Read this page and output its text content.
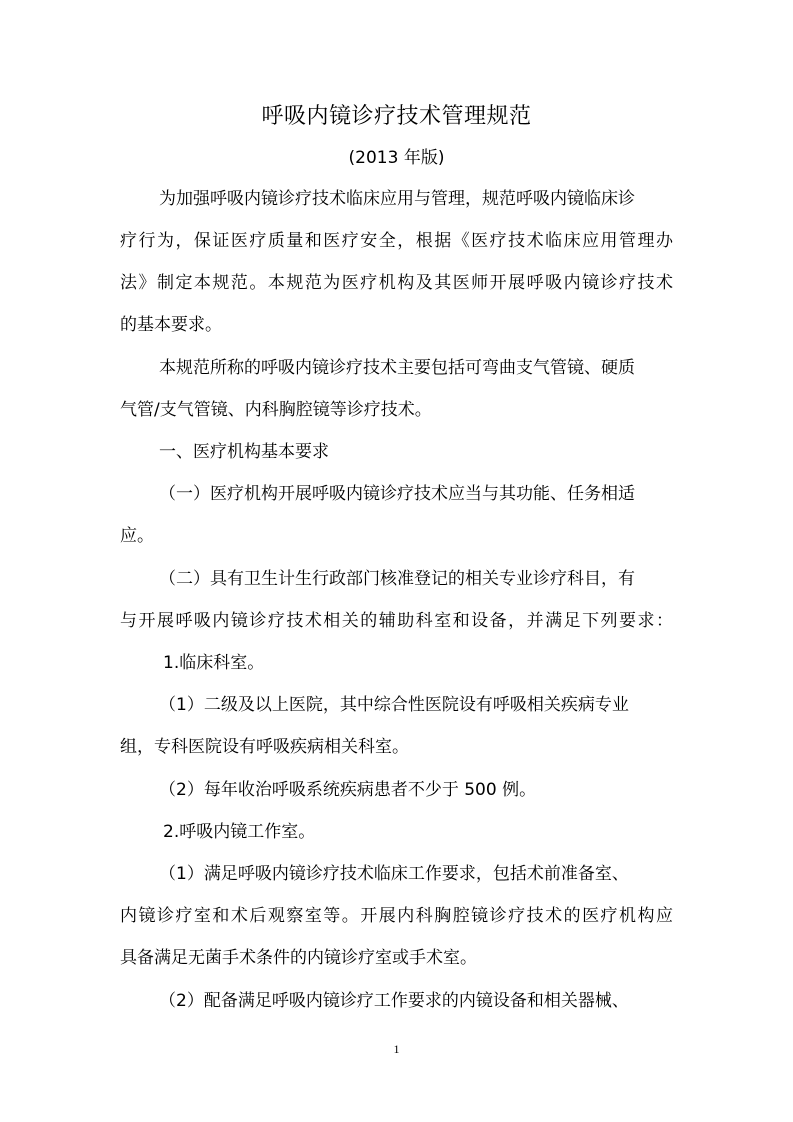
呼吸内镜诊疗技术管理规范
(2013 年版)
为加强呼吸内镜诊疗技术临床应用与管理，规范呼吸内镜临床诊
疗行为，保证医疗质量和医疗安全，根据《医疗技术临床应用管理办
法》制定本规范。本规范为医疗机构及其医师开展呼吸内镜诊疗技术
的基本要求。
本规范所称的呼吸内镜诊疗技术主要包括可弯曲支气管镜、硬质
气管/支气管镜、内科胸腔镜等诊疗技术。
一、医疗机构基本要求
（一）医疗机构开展呼吸内镜诊疗技术应当与其功能、任务相适
应。
（二）具有卫生计生行政部门核准登记的相关专业诊疗科目，有
与开展呼吸内镜诊疗技术相关的辅助科室和设备，并满足下列要求：
1.临床科室。
（1）二级及以上医院，其中综合性医院设有呼吸相关疾病专业
组，专科医院设有呼吸疾病相关科室。
（2）每年收治呼吸系统疾病患者不少于 500 例。
2.呼吸内镜工作室。
（1）满足呼吸内镜诊疗技术临床工作要求，包括术前准备室、
内镜诊疗室和术后观察室等。开展内科胸腔镜诊疗技术的医疗机构应
具备满足无菌手术条件的内镜诊疗室或手术室。
（2）配备满足呼吸内镜诊疗工作要求的内镜设备和相关器械、
1
